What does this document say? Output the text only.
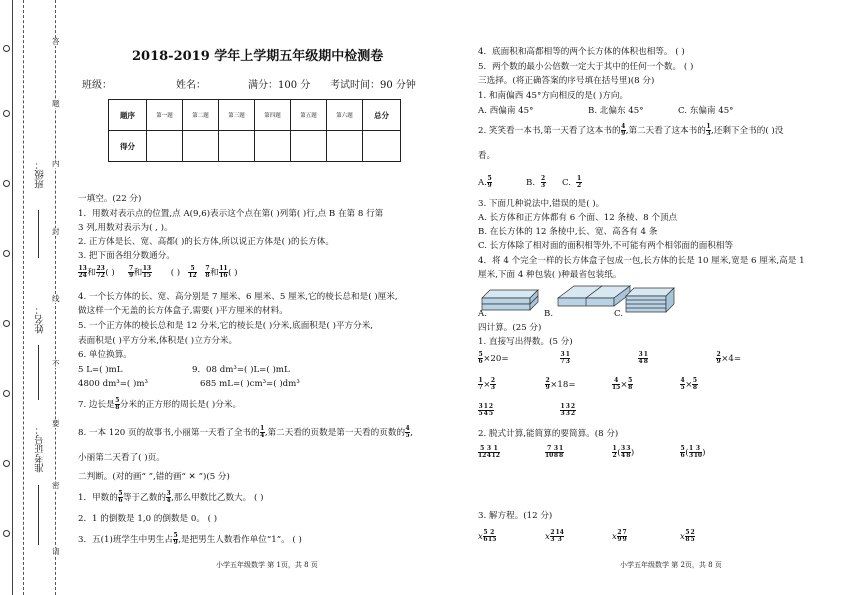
班级：
姓名：
准考证号：
答
题
内
封
线
不
要
密
请
2018-2019 学年上学期五年级期中检测卷
班级：	姓名：	满分：100 分 考试时间：90 分钟
题序	第一题	第二题	第三题	第四题	第五题	第六题	总分
得分							
一填空。(22 分)
1．用数对表示点的位置,点 A(9,6)表示这个点在第( )列第( )行,点 B 在第 8 行第
3 列,用数对表示为( , )。
2. 正方体是长、宽、高都( )的长方体,所以说正方体是( )的长方体。
3. 把下面各组分数通分。
$\frac{13}{24}$ 和 $\frac{23}{72}$ ( ) $\frac{7}{9}$ 和 $\frac{13}{15}$ ( ) $\frac{5}{12}$
$\frac{7}{8}$ 和 $\frac{11}{16}$ ( )
4. 一个长方体的长、宽、高分别是 7 厘米、6 厘米、5 厘米,它的棱长总和是( )厘米,
做这样一个无盖的长方体盒子,需要( )平方厘米的材料。
5. 一个正方体的棱长总和是 12 分米,它的棱长是( )分米,底面积是( )平方分米,
表面积是( )平方分米,体积是( )立方分米。
6. 单位换算。
5 L=( )mL	9．08 dm³=( )L=( )mL
4800 dm³=( )m³	685 mL=( )cm³=( )dm³
7. 边长是 $\frac{5}{8}$ 分米的正方形的周长是( )分米。
8. 一本 120 页的故事书,小丽第一天看了全书的 $\frac{1}{4}$ ,第二天看的页数是第一天看的页数的 $\frac{4}{5}$ ,
小丽第二天看了( )页。
二判断。(对的画“ ”,错的画“ ✕ ”)(5 分)
1．甲数的 $\frac{5}{6}$ 等于乙数的 $\frac{3}{4}$ ,那么甲数比乙数大。 ( )
2．1 的倒数是 1,0 的倒数是 0。 ( )
3．五(1)班学生中男生占 $\frac{5}{9}$ ,是把男生人数看作单位“1”。 ( )
小学五年级数学 第 1页，共 8 页
4．底面积和高都相等的两个长方体的体积也相等。 ( )
5．两个数的最小公倍数一定大于其中的任何一个数。 ( )
三选择。(将正确答案的序号填在括号里)(8 分)
1. 和南偏西 45°方向相反的是( )方向。
A. 西偏南 45°	B. 北偏东 45°	C. 东偏南 45°
2. 笑笑看一本书,第一天看了这本书的 $\frac{4}{9}$ ,第二天看了这本书的 $\frac{1}{3}$ ,还剩下全书的( )没
看。
A. $\frac{5}{9}$	B. $\frac{2}{3} C$. $\frac{1}{2}$
3. 下面几种说法中,错误的是( )。
A. 长方体和正方体都有 6 个面、12 条棱、8 个顶点
B. 在长方体的 12 条棱中,长、宽、高各有 4 条
C. 长方体除了相对面的面积相等外,不可能有两个相邻面的面积相等
4．将 4 个完全一样的长方体盒子包成一包,长方体的长是 10 厘米,宽是 6 厘米,高是 1
厘米,下面 4 种包装( )种最省包装纸。
A.	B.	C.
四计算。(25 分)
1. 直接写出得数。(5 分)
$\frac{5}{6} \times 20=$	$\frac{3}{7} \frac{1}{3}$	$\frac{3}{4} \frac{1}{8}$	$\frac{2}{9} \times 4=$
$\frac{1}{7} \times \frac{2}{3}$	$\frac{2}{9} \times 18=$	$\frac{4}{15} \times \frac{5}{8}$	$\frac{4}{5} \times \frac{5}{8}$
$\frac{3}{5} \frac{1}{4} \frac{2}{5}$	$\frac{1}{3} \frac{3}{3} \frac{2}{2}$
2. 脱式计算,能简算的要简算。(8 分)
$\frac{5}{12} \frac{3}{4} \frac{1}{12}$	$\frac{7}{10} \frac{3}{8} \frac{1}{8}$	$\frac{1}{2}$ ( $\frac{3}{4} \frac{3}{8}$ )	$\frac{5}{6}$ ( $\frac{1}{3} \frac{3}{10}$ )
3. 解方程。(12 分)
x $\frac{5}{6} \frac{2}{15}$	x $\frac{2}{3} \frac{14}{3}$	x $\frac{2}{9} \frac{7}{9}$	x $\frac{5}{8} \frac{2}{5}$
小学五年级数学 第 2页，共 8 页
